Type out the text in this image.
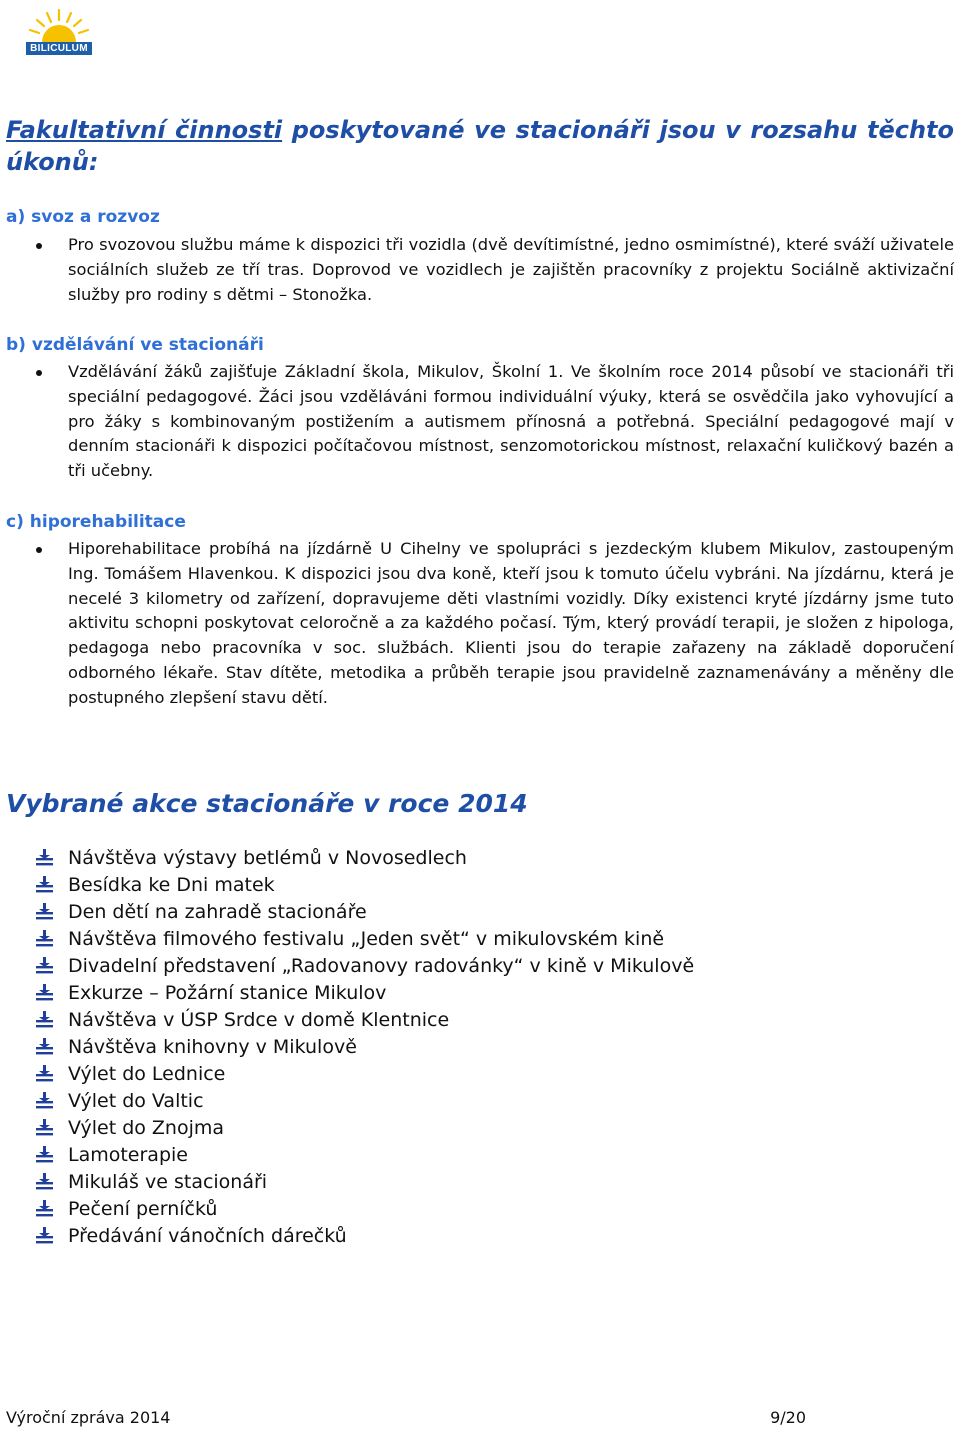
BILICULUM
Fakultativní činnosti poskytované ve stacionáři jsou v rozsahu těchto úkonů:
a) svoz a rozvoz

Pro svozovou službu máme k dispozici tři vozidla (dvě devítimístné, jedno osmimístné), které sváží uživatele sociálních služeb ze tří tras. Doprovod ve vozidlech je zajištěn pracovníky z projektu Sociálně aktivizační služby pro rodiny s dětmi – Stonožka.

b) vzdělávání ve stacionáři

Vzdělávání žáků zajišťuje Základní škola, Mikulov, Školní 1. Ve školním roce 2014 působí ve stacionáři tři speciální pedagogové. Žáci jsou vzděláváni formou individuální výuky, která se osvědčila jako vyhovující a pro žáky s kombinovaným postižením a autismem přínosná a potřebná. Speciální pedagogové mají v denním stacionáři k dispozici počítačovou místnost, senzomotorickou místnost, relaxační kuličkový bazén a tři učebny.

c) hiporehabilitace

Hiporehabilitace probíhá na jízdárně U Cihelny ve spolupráci s jezdeckým klubem Mikulov, zastoupeným Ing. Tomášem Hlavenkou. K dispozici jsou dva koně, kteří jsou k tomuto účelu vybráni. Na jízdárnu, která je necelé 3 kilometry od zařízení, dopravujeme děti vlastními vozidly. Díky existenci kryté jízdárny jsme tuto aktivitu schopni poskytovat celoročně a za každého počasí. Tým, který provádí terapii, je složen z hipologa, pedagoga nebo pracovníka v soc. službách. Klienti jsou do terapie zařazeny na základě doporučení odborného lékaře. Stav dítěte, metodika a průběh terapie jsou pravidelně zaznamenávány a měněny dle postupného zlepšení stavu dětí.

Vybrané akce stacionáře v roce 2014
Návštěva výstavy betlémů v Novosedlech
Besídka ke Dni matek
Den dětí na zahradě stacionáře
Návštěva filmového festivalu „Jeden svět“ v mikulovském kině
Divadelní představení „Radovanovy radovánky“ v kině v Mikulově
Exkurze – Požární stanice Mikulov
Návštěva v ÚSP Srdce v domě Klentnice
Návštěva knihovny v Mikulově
Výlet do Lednice
Výlet do Valtic
Výlet do Znojma
Lamoterapie
Mikuláš ve stacionáři
Pečení perníčků
Předávání vánočních dárečků
Výroční zpráva 2014	9/20
